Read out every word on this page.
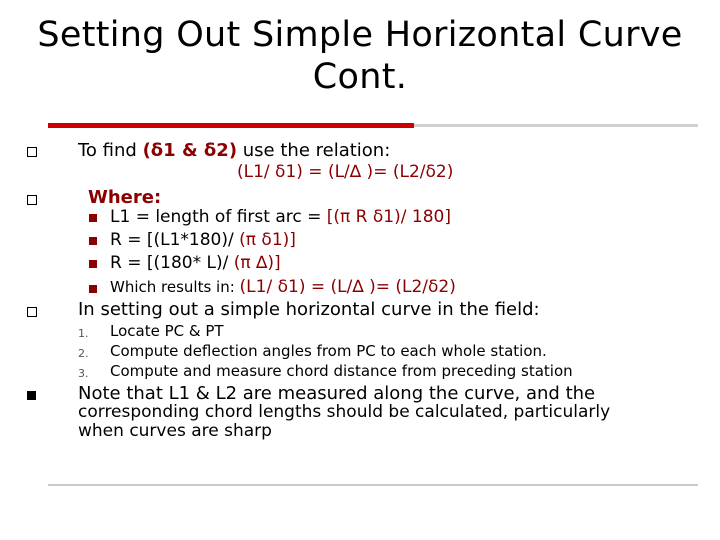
Setting Out Simple Horizontal Curve
Cont.
To find (δ1 & δ2) use the relation:
(L1/ δ1) = (L/∆ )= (L2/δ2)
Where:
L1 = length of first arc = [(π R δ1)/ 180]
R = [(L1*180)/ (π δ1)]
R = [(180* L)/ (π ∆)]
Which results in: (L1/ δ1) = (L/∆ )= (L2/δ2)
In setting out a simple horizontal curve in the field:
1. Locate PC & PT
2. Compute deflection angles from PC to each whole station.
3. Compute and measure chord distance from preceding station
Note that L1 & L2 are measured along the curve, and the
corresponding chord lengths should be calculated, particularly
when curves are sharp
